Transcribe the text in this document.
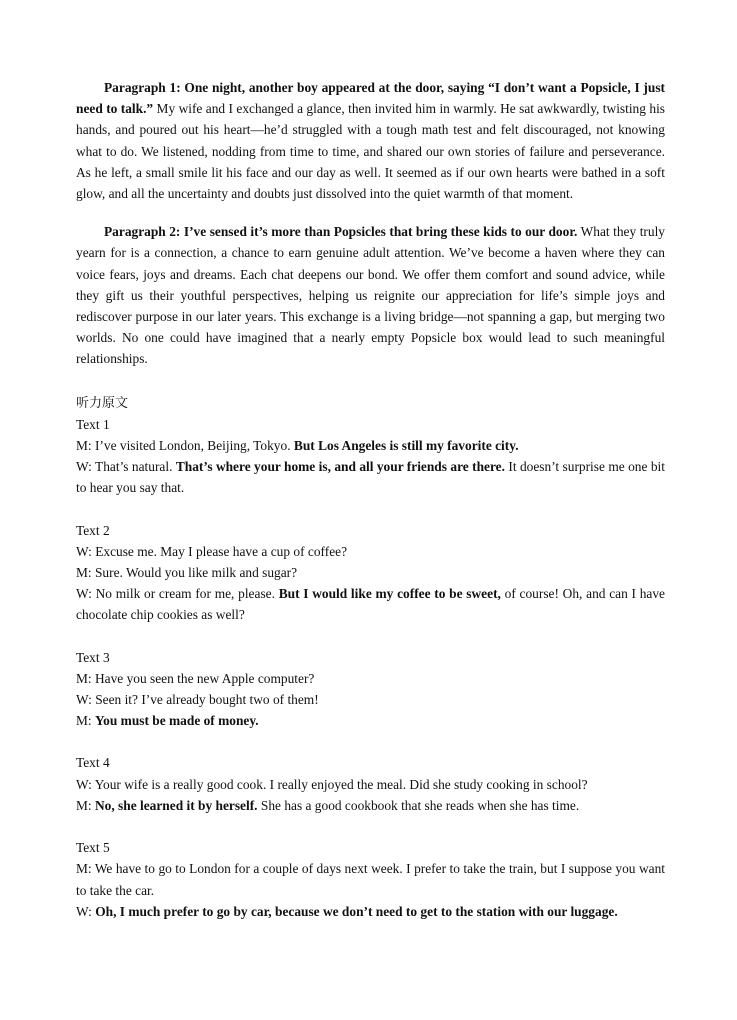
Paragraph 1: One night, another boy appeared at the door, saying “I don’t want a Popsicle, I just need to talk.” My wife and I exchanged a glance, then invited him in warmly. He sat awkwardly, twisting his hands, and poured out his heart—he’d struggled with a tough math test and felt discouraged, not knowing what to do. We listened, nodding from time to time, and shared our own stories of failure and perseverance. As he left, a small smile lit his face and our day as well. It seemed as if our own hearts were bathed in a soft glow, and all the uncertainty and doubts just dissolved into the quiet warmth of that moment.

Paragraph 2: I’ve sensed it’s more than Popsicles that bring these kids to our door. What they truly yearn for is a connection, a chance to earn genuine adult attention. We’ve become a haven where they can voice fears, joys and dreams. Each chat deepens our bond. We offer them comfort and sound advice, while they gift us their youthful perspectives, helping us reignite our appreciation for life’s simple joys and rediscover purpose in our later years. This exchange is a living bridge—not spanning a gap, but merging two worlds. No one could have imagined that a nearly empty Popsicle box would lead to such meaningful relationships.

听力原文

Text 1

M: I’ve visited London, Beijing, Tokyo. But Los Angeles is still my favorite city.

W: That’s natural. That’s where your home is, and all your friends are there. It doesn’t surprise me one bit to hear you say that.

Text 2

W: Excuse me. May I please have a cup of coffee?

M: Sure. Would you like milk and sugar?

W: No milk or cream for me, please. But I would like my coffee to be sweet, of course! Oh, and can I have chocolate chip cookies as well?

Text 3

M: Have you seen the new Apple computer?

W: Seen it? I’ve already bought two of them!

M: You must be made of money.

Text 4

W: Your wife is a really good cook. I really enjoyed the meal. Did she study cooking in school?

M: No, she learned it by herself. She has a good cookbook that she reads when she has time.

Text 5

M: We have to go to London for a couple of days next week. I prefer to take the train, but I suppose you want to take the car.

W: Oh, I much prefer to go by car, because we don’t need to get to the station with our luggage.
